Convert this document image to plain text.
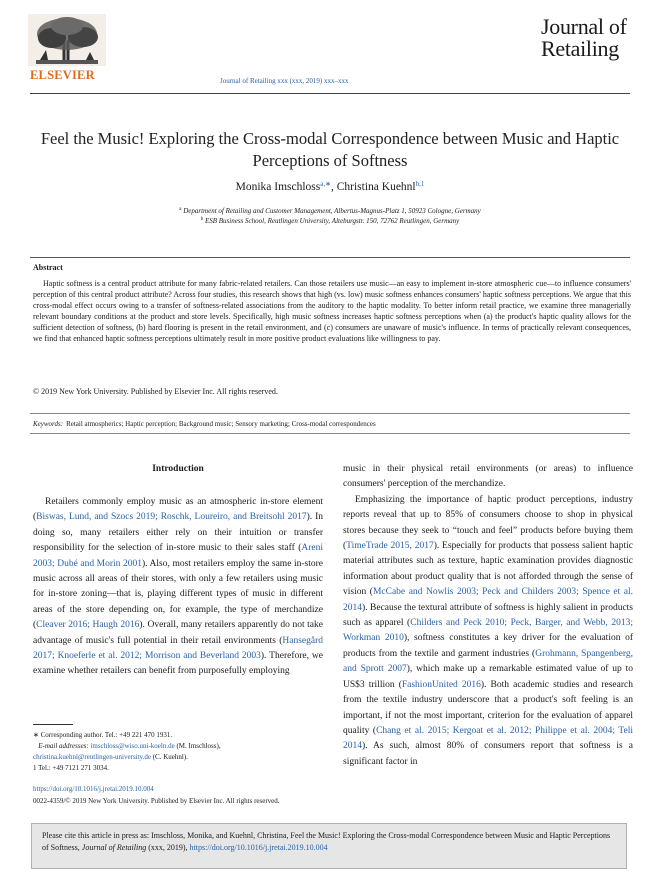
ELSEVIER	Journal of Retailing xxx (xxx, 2019) xxx–xxx
Journal of
Retailing
Feel the Music! Exploring the Cross-modal Correspondence between Music and Haptic Perceptions of Softness
Monika Imschloss$^{a,∗}$, Christina Kuehnl$^{b,1}$
$^a$ Department of Retailing and Customer Management, Albertus-Magnus-Platz 1, 50923 Cologne, Germany
$^b$ ESB Business School, Reutlingen University, Alteburgstr. 150, 72762 Reutlingen, Germany
Abstract
Haptic softness is a central product attribute for many fabric-related retailers. Can those retailers use music—an easy to implement in-store atmospheric cue—to influence consumers' perception of this central product attribute? Across four studies, this research shows that high (vs. low) music softness enhances consumers' haptic softness perceptions. We argue that this cross-modal effect occurs owing to a transfer of softness-related associations from the auditory to the haptic modality. To better inform retail practice, we examine three managerially relevant boundary conditions at the product and store levels. Specifically, high music softness increases haptic softness perceptions when (a) the product's haptic quality allows for the sufficient detection of softness, (b) hard flooring is present in the retail environment, and (c) consumers are unaware of music's influence. In terms of practically relevant consequences, we find that enhanced haptic softness perceptions ultimately result in more positive product evaluations like willingness to pay.
© 2019 New York University. Published by Elsevier Inc. All rights reserved.
Keywords: Retail atmospherics; Haptic perception; Background music; Sensory marketing; Cross-modal correspondences
Introduction

Retailers commonly employ music as an atmospheric in-store element (Biswas, Lund, and Szocs 2019; Roschk, Loureiro, and Breitsohl 2017). In doing so, many retailers either rely on their intuition or transfer responsibility for the selection of in-store music to their sales staff (Areni 2003; Dubé and Morin 2001). Also, most retailers employ the same in-store music across all areas of their stores, with only a few retailers using music for in-store zoning—that is, playing different types of music in different areas of the store depending on, for example, the type of merchandize (Cleaver 2016; Haugh 2016). Overall, many retailers apparently do not take advantage of music's full potential in their retail environments (Hansegård 2017; Knoeferle et al. 2012; Morrison and Beverland 2003). Therefore, we examine whether retailers can benefit from purposefully employing

music in their physical retail environments (or areas) to influence consumers' perception of the merchandize.

Emphasizing the importance of haptic product perceptions, industry reports reveal that up to 85% of consumers choose to shop in physical stores because they seek to “touch and feel” products before buying them (TimeTrade 2015, 2017). Especially for products that possess salient haptic material attributes such as texture, haptic examination provides diagnostic information about product quality that is not afforded through the sense of vision (McCabe and Nowlis 2003; Peck and Childers 2003; Spence et al. 2014). Because the textural attribute of softness is highly salient in products such as apparel (Childers and Peck 2010; Peck, Barger, and Webb, 2013; Workman 2010), softness constitutes a key driver for the evaluation of products from the textile and garment industries (Grohmann, Spangenberg, and Sprott 2007), which make up a remarkable estimated value of up to US$3 trillion (FashionUnited 2016). Both academic studies and research from the textile industry underscore that a product's soft feeling is an important, if not the most important, criterion for the evaluation of apparel quality (Chang et al. 2015; Kergoat et al. 2012; Philippe et al. 2004; Teli 2014). As such, almost 80% of consumers report that softness is a significant factor in

∗ Corresponding author. Tel.: +49 221 470 1931.
E-mail addresses: imschloss@wiso.uni-koeln.de (M. Imschloss),
christina.kuehnl@reutlingen-university.de (C. Kuehnl).
1 Tel.: +49 7121 271 3034.
https://doi.org/10.1016/j.jretai.2019.10.004
0022-4359/© 2019 New York University. Published by Elsevier Inc. All rights reserved.
Please cite this article in press as: Imschloss, Monika, and Kuehnl, Christina, Feel the Music! Exploring the Cross-modal Correspondence between Music and Haptic Perceptions of Softness, Journal of Retailing (xxx, 2019), https://doi.org/10.1016/j.jretai.2019.10.004
